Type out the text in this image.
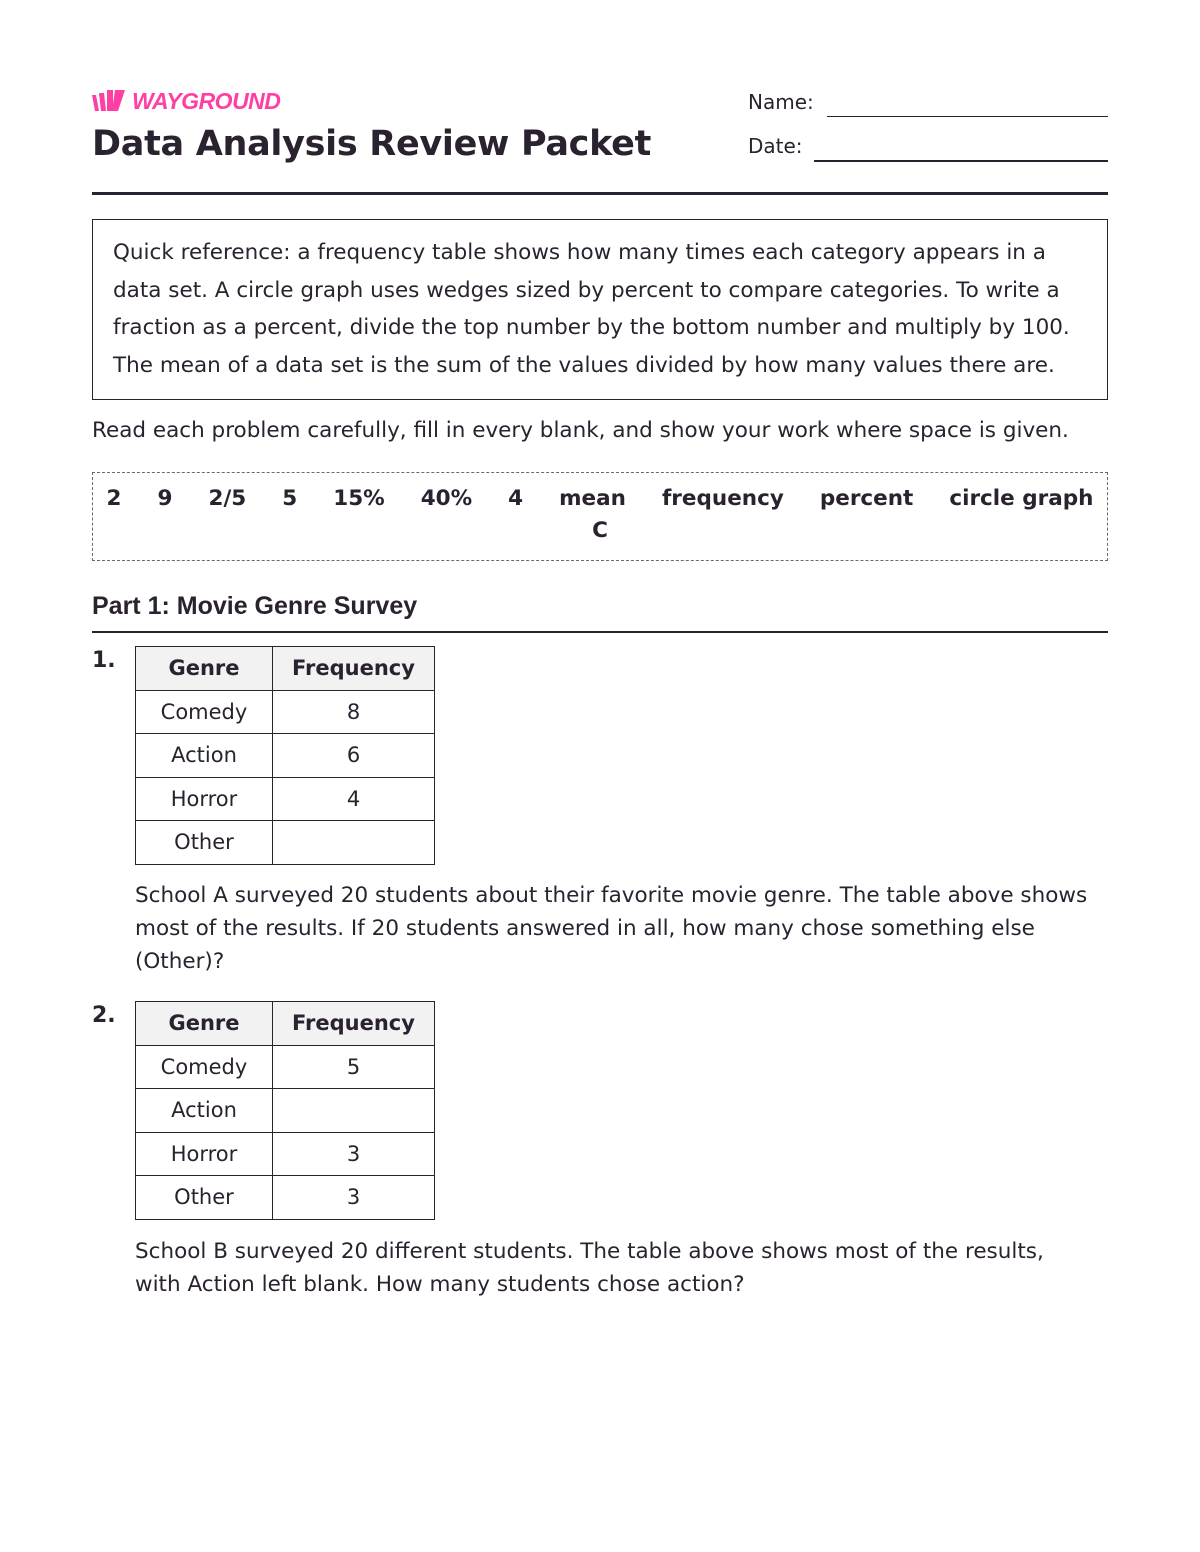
WAYGROUND
Data Analysis Review Packet
Name:
Date:

Quick reference: a frequency table shows how many times each category appears in a data set. A circle graph uses wedges sized by percent to compare categories. To write a fraction as a percent, divide the top number by the bottom number and multiply by 100. The mean of a data set is the sum of the values divided by how many values there are.

Read each problem carefully, fill in every blank, and show your work where space is given.
2 9 2/5 5 15% 40% 4 mean frequency percent circle graph
C
Part 1: Movie Genre Survey
1.	Genre	Frequency
Comedy	8
Action	6
Horror	4
Other	
School A surveyed 20 students about their favorite movie genre. The table above shows most of the results. If 20 students answered in all, how many chose something else (Other)?
2.	Genre	Frequency
Comedy	5
Action	
Horror	3
Other	3
School B surveyed 20 different students. The table above shows most of the results, with Action left blank. How many students chose action?
